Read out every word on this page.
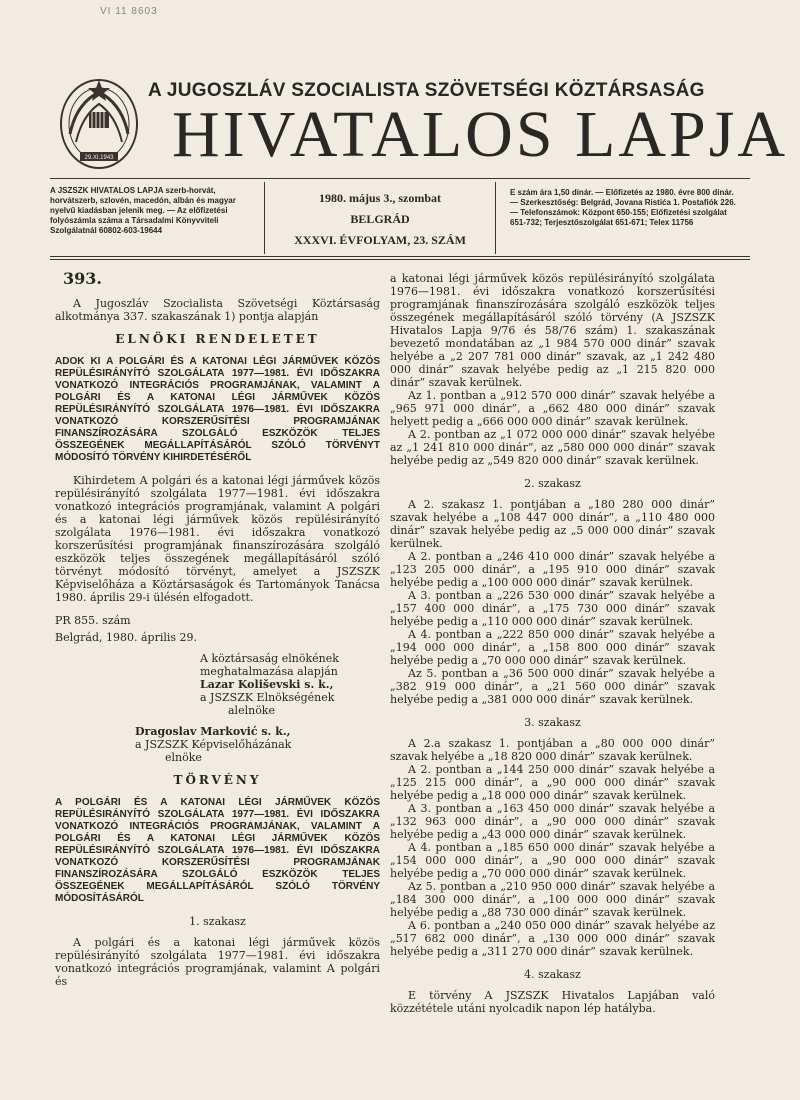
VI 11 8603
29.XI.1943
A JUGOSZLÁV SZOCIALISTA SZÖVETSÉGI KÖZTÁRSASÁG
HIVATALOS LAPJA
A JSZSZK HIVATALOS LAPJA szerb-horvát, horvátszerb, szlovén, macedón, albán és magyar nyelvű kiadásban jelenik meg. — Az előfizetési folyószámla száma a Társadalmi Könyvviteli Szolgálatnál 60802-603-19644
1980. május 3., szombat
BELGRÁD
XXXVI. ÉVFOLYAM, 23. SZÁM
E szám ára 1,50 dinár. — Előfizetés az 1980. évre 800 dinár. — Szerkesztőség: Belgrád, Jovana Ristića 1. Postafiók 226. — Telefonszámok: Központ 650-155; Előfizetési szolgálat 651-732; Terjesztőszolgálat 651-671; Telex 11756
393.

A Jugoszláv Szocialista Szövetségi Köztársaság alkotmánya 337. szakaszának 1) pontja alapján

ELNÖKI RENDELETET
ADOK KI A POLGÁRI ÉS A KATONAI LÉGI JÁRMŰVEK KÖZÖS REPÜLÉSIRÁNYÍTÓ SZOLGÁLATA 1977—1981. ÉVI IDŐSZAKRA VONATKOZÓ INTEGRÁCIÓS PROGRAMJÁNAK, VALAMINT A POLGÁRI ÉS A KATONAI LÉGI JÁRMŰVEK KÖZÖS REPÜLÉSIRÁNYÍTÓ SZOLGÁLATA 1976—1981. ÉVI IDŐSZAKRA VONATKOZÓ KORSZERŰSÍTÉSI PROGRAMJÁNAK FINANSZÍROZÁSÁRA SZOLGÁLÓ ESZKÖZÖK TELJES ÖSSZEGÉNEK MEGÁLLAPÍTÁSÁRÓL SZÓLÓ TÖRVÉNYT MÓDOSÍTÓ TÖRVÉNY KIHIRDETÉSÉRŐL

Kihirdetem A polgári és a katonai légi járművek közös repülésirányító szolgálata 1977—1981. évi időszakra vonatkozó integrációs programjának, valamint A polgári és a katonai légi járművek közös repülésirányító szolgálata 1976—1981. évi időszakra vonatkozó korszerűsítési programjának finanszírozására szolgáló eszközök teljes összegének megállapításáról szóló törvényt módosító törvényt, amelyet a JSZSZK Képviselőháza a Köztársaságok és Tartományok Tanácsa 1980. április 29-i ülésén elfogadott.

PR 855. szám

Belgrád, 1980. április 29.

A köztársaság elnökének
meghatalmazása alapján
Lazar Koliševski s. k.,
a JSZSZK Elnökségének
alelnöke
Dragoslav Marković s. k.,
a JSZSZK Képviselőházának
elnöke
TÖRVÉNY
A POLGÁRI ÉS A KATONAI LÉGI JÁRMŰVEK KÖZÖS REPÜLÉSIRÁNYÍTÓ SZOLGÁLATA 1977—1981. ÉVI IDŐSZAKRA VONATKOZÓ INTEGRÁCIÓS PROGRAMJÁNAK, VALAMINT A POLGÁRI ÉS A KATONAI LÉGI JÁRMŰVEK KÖZÖS REPÜLÉSIRÁNYÍTÓ SZOLGÁLATA 1976—1981. ÉVI IDŐSZAKRA VONATKOZÓ KORSZERŰSÍTÉSI PROGRAMJÁNAK FINANSZÍROZÁSÁRA SZOLGÁLÓ ESZKÖZÖK TELJES ÖSSZEGÉNEK MEGÁLLAPÍTÁSÁRÓL SZÓLÓ TÖRVÉNY MÓDOSÍTÁSÁRÓL
1. szakasz

A polgári és a katonai légi járművek közös repülésirányító szolgálata 1977—1981. évi időszakra vonatkozó integrációs programjának, valamint A polgári és

a katonai légi járművek közös repülésirányító szolgálata 1976—1981. évi időszakra vonatkozó korszerűsítési programjának finanszírozására szolgáló eszközök teljes összegének megállapításáról szóló törvény (A JSZSZK Hivatalos Lapja 9/76 és 58/76 szám) 1. szakaszának bevezető mondatában az „1 984 570 000 dinár” szavak helyébe a „2 207 781 000 dinár” szavak, az „1 242 480 000 dinár” szavak helyébe pedig az „1 215 820 000 dinár” szavak kerülnek.

Az 1. pontban a „912 570 000 dinár” szavak helyébe a „965 971 000 dinár”, a „662 480 000 dinár” szavak helyett pedig a „666 000 000 dinár” szavak kerülnek.

A 2. pontban az „1 072 000 000 dinár” szavak helyébe az „1 241 810 000 dinár”, az „580 000 000 dinár” szavak helyébe pedig az „549 820 000 dinár” szavak kerülnek.

2. szakasz

A 2. szakasz 1. pontjában a „180 280 000 dinár” szavak helyébe a „108 447 000 dinár”, a „110 480 000 dinár” szavak helyébe pedig az „5 000 000 dinár” szavak kerülnek.

A 2. pontban a „246 410 000 dinár” szavak helyébe a „123 205 000 dinár”, a „195 910 000 dinár” szavak helyébe pedig a „100 000 000 dinár” szavak kerülnek.

A 3. pontban a „226 530 000 dinár” szavak helyébe a „157 400 000 dinár”, a „175 730 000 dinár” szavak helyébe pedig a „110 000 000 dinár” szavak kerülnek.

A 4. pontban a „222 850 000 dinár” szavak helyébe a „194 000 000 dinár”, a „158 800 000 dinár” szavak helyébe pedig a „70 000 000 dinár” szavak kerülnek.

Az 5. pontban a „36 500 000 dinár” szavak helyébe a „382 919 000 dinár”, a „21 560 000 dinár” szavak helyébe pedig a „381 000 000 dinár” szavak kerülnek.

3. szakasz

A 2.a szakasz 1. pontjában a „80 000 000 dinár” szavak helyébe a „18 820 000 dinár” szavak kerülnek.

A 2. pontban a „144 250 000 dinár” szavak helyébe a „125 215 000 dinár”, a „90 000 000 dinár” szavak helyébe pedig a „18 000 000 dinár” szavak kerülnek.

A 3. pontban a „163 450 000 dinár” szavak helyébe a „132 963 000 dinár”, a „90 000 000 dinár” szavak helyébe pedig a „43 000 000 dinár” szavak kerülnek.

A 4. pontban a „185 650 000 dinár” szavak helyébe a „154 000 000 dinár”, a „90 000 000 dinár” szavak helyébe pedig a „70 000 000 dinár” szavak kerülnek.

Az 5. pontban a „210 950 000 dinár” szavak helyébe a „184 300 000 dinár”, a „100 000 000 dinár” szavak helyébe pedig a „88 730 000 dinár” szavak kerülnek.

A 6. pontban a „240 050 000 dinár” szavak helyébe az „517 682 000 dinár”, a „130 000 000 dinár” szavak helyébe pedig a „311 270 000 dinár” szavak kerülnek.

4. szakasz

E törvény A JSZSZK Hivatalos Lapjában való közzététele utáni nyolcadik napon lép hatályba.
